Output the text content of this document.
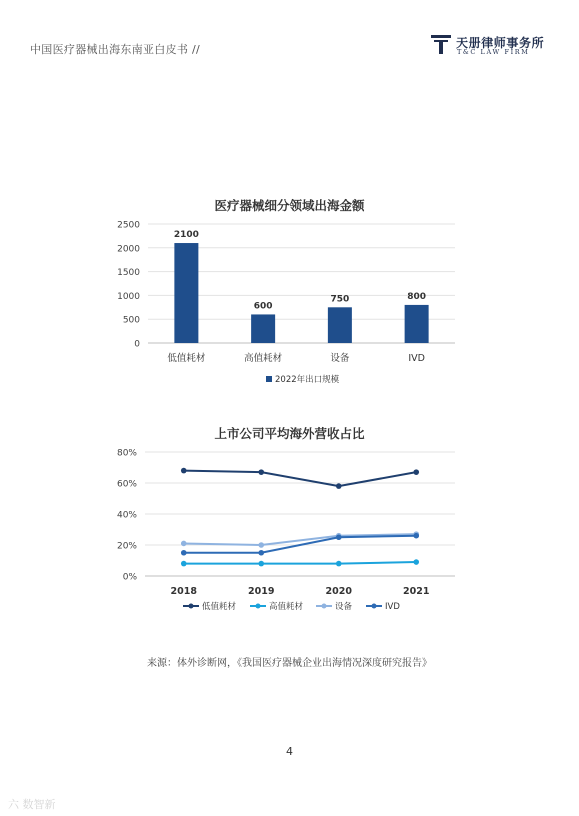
中国医疗器械出海东南亚白皮书 //	天册律师事务所
T&C LAW FIRM
医疗器械细分领域出海金额
0
500
1000
1500
2000
2500
2100
低值耗材
600
高值耗材
750
设备
800
IVD
2022年出口规模
上市公司平均海外营收占比
0%
20%
40%
60%
80%
2018	2019	2020	2021
低值耗材	高值耗材	设备	IVD
来源：体外诊断网，《我国医疗器械企业出海情况深度研究报告》
4
六 数智新
